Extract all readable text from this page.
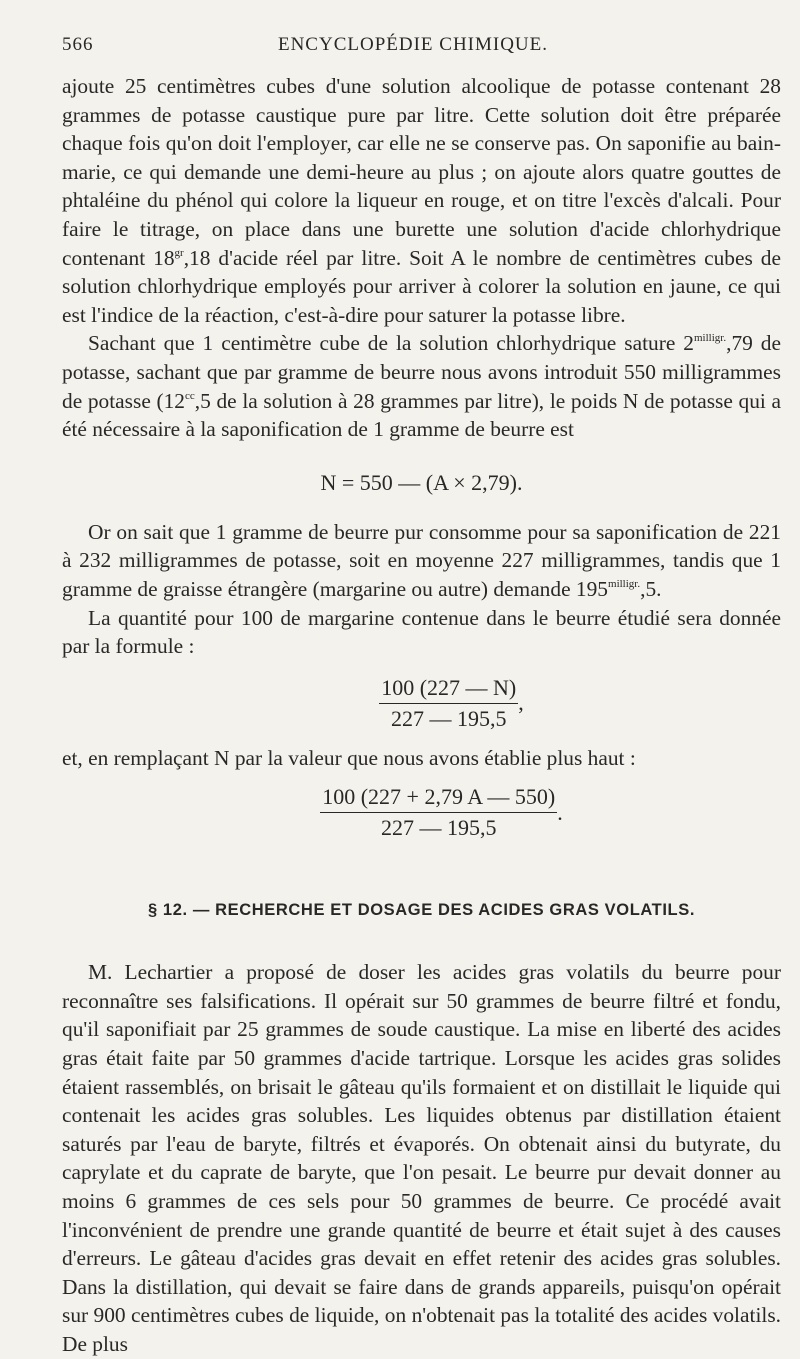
566	ENCYCLOPÉDIE CHIMIQUE.

ajoute 25 centimètres cubes d'une solution alcoolique de potasse contenant 28 grammes de potasse caustique pure par litre. Cette solution doit être préparée chaque fois qu'on doit l'employer, car elle ne se conserve pas. On saponifie au bain-marie, ce qui demande une demi-heure au plus ; on ajoute alors quatre gouttes de phtaléine du phénol qui colore la liqueur en rouge, et on titre l'excès d'alcali. Pour faire le titrage, on place dans une burette une solution d'acide chlorhydrique contenant $18^{gr},18$ d'acide réel par litre. Soit A le nombre de centimètres cubes de solution chlorhydrique employés pour arriver à colorer la solution en jaune, ce qui est l'indice de la réaction, c'est-à-dire pour saturer la potasse libre.

Sachant que 1 centimètre cube de la solution chlorhydrique sature $2^{milligr.},79$ de potasse, sachant que par gramme de beurre nous avons introduit 550 milligrammes de potasse ($12^{cc},5$ de la solution à 28 grammes par litre), le poids N de potasse qui a été nécessaire à la saponification de 1 gramme de beurre est

N = 550 — (A × 2,79).

Or on sait que 1 gramme de beurre pur consomme pour sa saponification de 221 à 232 milligrammes de potasse, soit en moyenne 227 milligrammes, tandis que 1 gramme de graisse étrangère (margarine ou autre) demande $195^{milligr.},5$.

La quantité pour 100 de margarine contenue dans le beurre étudié sera donnée par la formule :

$\frac{100 (227 — N)}{227 — 195,5}$ ,

et, en remplaçant N par la valeur que nous avons établie plus haut :

$\frac{100 (227 + 2,79 A — 550)}{227 — 195,5}$ .
§ 12. — RECHERCHE ET DOSAGE DES ACIDES GRAS VOLATILS.

M. Lechartier a proposé de doser les acides gras volatils du beurre pour reconnaître ses falsifications. Il opérait sur 50 grammes de beurre filtré et fondu, qu'il saponifiait par 25 grammes de soude caustique. La mise en liberté des acides gras était faite par 50 grammes d'acide tartrique. Lorsque les acides gras solides étaient rassemblés, on brisait le gâteau qu'ils formaient et on distillait le liquide qui contenait les acides gras solubles. Les liquides obtenus par distillation étaient saturés par l'eau de baryte, filtrés et évaporés. On obtenait ainsi du butyrate, du caprylate et du caprate de baryte, que l'on pesait. Le beurre pur devait donner au moins 6 grammes de ces sels pour 50 grammes de beurre. Ce procédé avait l'inconvénient de prendre une grande quantité de beurre et était sujet à des causes d'erreurs. Le gâteau d'acides gras devait en effet retenir des acides gras solubles. Dans la distillation, qui devait se faire dans de grands appareils, puisqu'on opérait sur 900 centimètres cubes de liquide, on n'obtenait pas la totalité des acides volatils. De plus
